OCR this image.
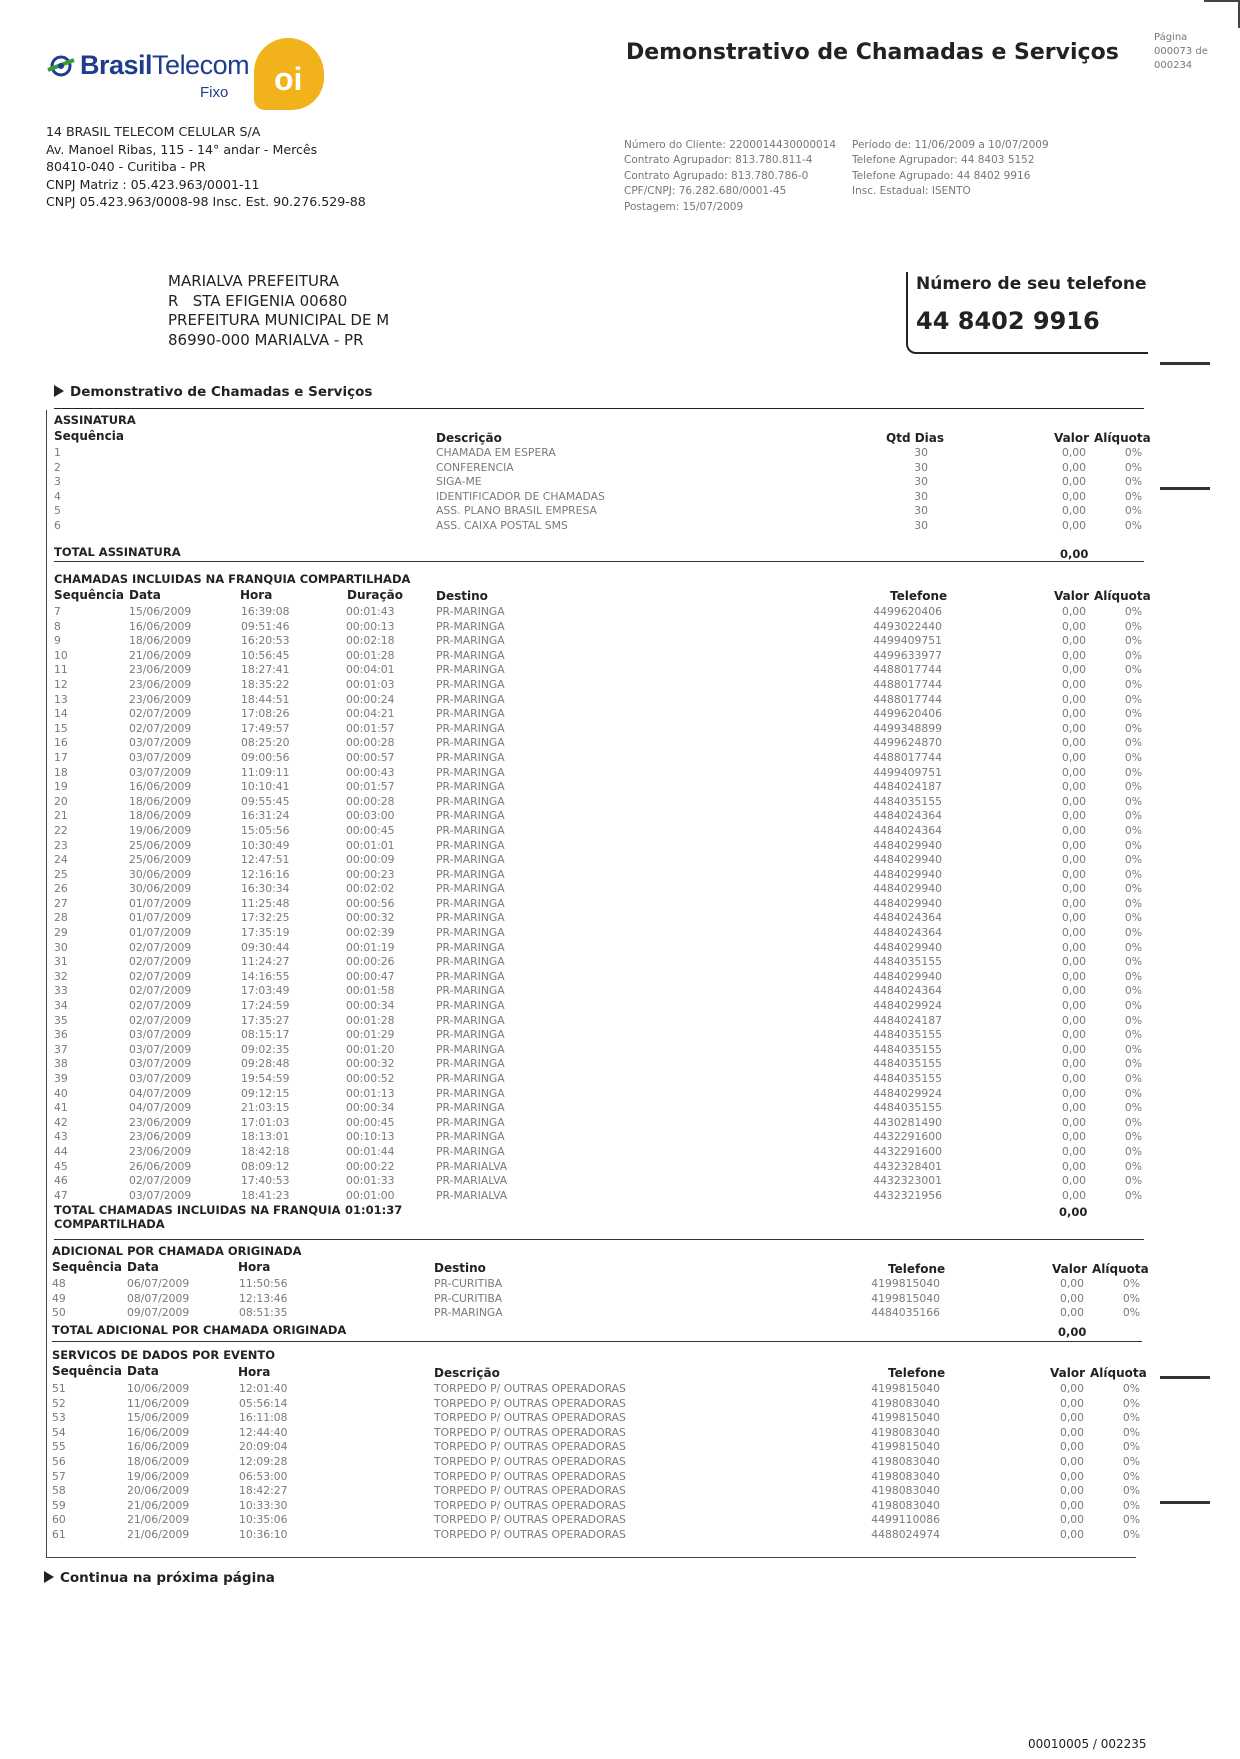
BrasilTelecom
Fixo oi
Demonstrativo de Chamadas e Serviços
Página
000073 de
000234
14 BRASIL TELECOM CELULAR S/A
Av. Manoel Ribas, 115 - 14° andar - Mercês
80410-040 - Curitiba - PR
CNPJ Matriz : 05.423.963/0001-11
CNPJ 05.423.963/0008-98 Insc. Est. 90.276.529-88
Número do Cliente: 2200014430000014
Contrato Agrupador: 813.780.811-4
Contrato Agrupado: 813.780.786-0
CPF/CNPJ: 76.282.680/0001-45
Postagem: 15/07/2009
Período de: 11/06/2009 a 10/07/2009
Telefone Agrupador: 44 8403 5152
Telefone Agrupado: 44 8402 9916
Insc. Estadual: ISENTO
MARIALVA PREFEITURA
R   STA EFIGENIA 00680
PREFEITURA MUNICIPAL DE M
86990-000 MARIALVA - PR
Número de seu telefone
44 8402 9916
Demonstrativo de Chamadas e Serviços
ASSINATURA
Sequência	Descrição	Qtd Dias	Valor Alíquota
1	CHAMADA EM ESPERA	30	0,00	0%
2	CONFERENCIA	30	0,00	0%
3	SIGA-ME	30	0,00	0%
4	IDENTIFICADOR DE CHAMADAS	30	0,00	0%
5	ASS. PLANO BRASIL EMPRESA	30	0,00	0%
6	ASS. CAIXA POSTAL SMS	30	0,00	0%
TOTAL ASSINATURA	0,00
CHAMADAS INCLUIDAS NA FRANQUIA COMPARTILHADA
Sequência Data	Hora	Duração	Destino	Telefone	Valor Alíquota
7	15/06/2009	16:39:08	00:01:43	PR-MARINGA	4499620406	0,00	0%
8	16/06/2009	09:51:46	00:00:13	PR-MARINGA	4493022440	0,00	0%
9	18/06/2009	16:20:53	00:02:18	PR-MARINGA	4499409751	0,00	0%
10	21/06/2009	10:56:45	00:01:28	PR-MARINGA	4499633977	0,00	0%
11	23/06/2009	18:27:41	00:04:01	PR-MARINGA	4488017744	0,00	0%
12	23/06/2009	18:35:22	00:01:03	PR-MARINGA	4488017744	0,00	0%
13	23/06/2009	18:44:51	00:00:24	PR-MARINGA	4488017744	0,00	0%
14	02/07/2009	17:08:26	00:04:21	PR-MARINGA	4499620406	0,00	0%
15	02/07/2009	17:49:57	00:01:57	PR-MARINGA	4499348899	0,00	0%
16	03/07/2009	08:25:20	00:00:28	PR-MARINGA	4499624870	0,00	0%
17	03/07/2009	09:00:56	00:00:57	PR-MARINGA	4488017744	0,00	0%
18	03/07/2009	11:09:11	00:00:43	PR-MARINGA	4499409751	0,00	0%
19	16/06/2009	10:10:41	00:01:57	PR-MARINGA	4484024187	0,00	0%
20	18/06/2009	09:55:45	00:00:28	PR-MARINGA	4484035155	0,00	0%
21	18/06/2009	16:31:24	00:03:00	PR-MARINGA	4484024364	0,00	0%
22	19/06/2009	15:05:56	00:00:45	PR-MARINGA	4484024364	0,00	0%
23	25/06/2009	10:30:49	00:01:01	PR-MARINGA	4484029940	0,00	0%
24	25/06/2009	12:47:51	00:00:09	PR-MARINGA	4484029940	0,00	0%
25	30/06/2009	12:16:16	00:00:23	PR-MARINGA	4484029940	0,00	0%
26	30/06/2009	16:30:34	00:02:02	PR-MARINGA	4484029940	0,00	0%
27	01/07/2009	11:25:48	00:00:56	PR-MARINGA	4484029940	0,00	0%
28	01/07/2009	17:32:25	00:00:32	PR-MARINGA	4484024364	0,00	0%
29	01/07/2009	17:35:19	00:02:39	PR-MARINGA	4484024364	0,00	0%
30	02/07/2009	09:30:44	00:01:19	PR-MARINGA	4484029940	0,00	0%
31	02/07/2009	11:24:27	00:00:26	PR-MARINGA	4484035155	0,00	0%
32	02/07/2009	14:16:55	00:00:47	PR-MARINGA	4484029940	0,00	0%
33	02/07/2009	17:03:49	00:01:58	PR-MARINGA	4484024364	0,00	0%
34	02/07/2009	17:24:59	00:00:34	PR-MARINGA	4484029924	0,00	0%
35	02/07/2009	17:35:27	00:01:28	PR-MARINGA	4484024187	0,00	0%
36	03/07/2009	08:15:17	00:01:29	PR-MARINGA	4484035155	0,00	0%
37	03/07/2009	09:02:35	00:01:20	PR-MARINGA	4484035155	0,00	0%
38	03/07/2009	09:28:48	00:00:32	PR-MARINGA	4484035155	0,00	0%
39	03/07/2009	19:54:59	00:00:52	PR-MARINGA	4484035155	0,00	0%
40	04/07/2009	09:12:15	00:01:13	PR-MARINGA	4484029924	0,00	0%
41	04/07/2009	21:03:15	00:00:34	PR-MARINGA	4484035155	0,00	0%
42	23/06/2009	17:01:03	00:00:45	PR-MARINGA	4430281490	0,00	0%
43	23/06/2009	18:13:01	00:10:13	PR-MARINGA	4432291600	0,00	0%
44	23/06/2009	18:42:18	00:01:44	PR-MARINGA	4432291600	0,00	0%
45	26/06/2009	08:09:12	00:00:22	PR-MARIALVA	4432328401	0,00	0%
46	02/07/2009	17:40:53	00:01:33	PR-MARIALVA	4432323001	0,00	0%
47	03/07/2009	18:41:23	00:01:00	PR-MARIALVA	4432321956	0,00	0%
TOTAL CHAMADAS INCLUIDAS NA FRANQUIA
COMPARTILHADA
01:01:37	0,00
ADICIONAL POR CHAMADA ORIGINADA
Sequência Data	Hora	Destino	Telefone	Valor Alíquota
48	06/07/2009	11:50:56	PR-CURITIBA	4199815040	0,00	0%
49	08/07/2009	12:13:46	PR-CURITIBA	4199815040	0,00	0%
50	09/07/2009	08:51:35	PR-MARINGA	4484035166	0,00	0%
TOTAL ADICIONAL POR CHAMADA ORIGINADA	0,00
SERVICOS DE DADOS POR EVENTO
Sequência Data	Hora	Descrição	Telefone	Valor Alíquota
51	10/06/2009	12:01:40	TORPEDO P/ OUTRAS OPERADORAS	4199815040	0,00	0%
52	11/06/2009	05:56:14	TORPEDO P/ OUTRAS OPERADORAS	4198083040	0,00	0%
53	15/06/2009	16:11:08	TORPEDO P/ OUTRAS OPERADORAS	4199815040	0,00	0%
54	16/06/2009	12:44:40	TORPEDO P/ OUTRAS OPERADORAS	4198083040	0,00	0%
55	16/06/2009	20:09:04	TORPEDO P/ OUTRAS OPERADORAS	4199815040	0,00	0%
56	18/06/2009	12:09:28	TORPEDO P/ OUTRAS OPERADORAS	4198083040	0,00	0%
57	19/06/2009	06:53:00	TORPEDO P/ OUTRAS OPERADORAS	4198083040	0,00	0%
58	20/06/2009	18:42:27	TORPEDO P/ OUTRAS OPERADORAS	4198083040	0,00	0%
59	21/06/2009	10:33:30	TORPEDO P/ OUTRAS OPERADORAS	4198083040	0,00	0%
60	21/06/2009	10:35:06	TORPEDO P/ OUTRAS OPERADORAS	4499110086	0,00	0%
61	21/06/2009	10:36:10	TORPEDO P/ OUTRAS OPERADORAS	4488024974	0,00	0%
Continua na próxima página
00010005 / 002235
